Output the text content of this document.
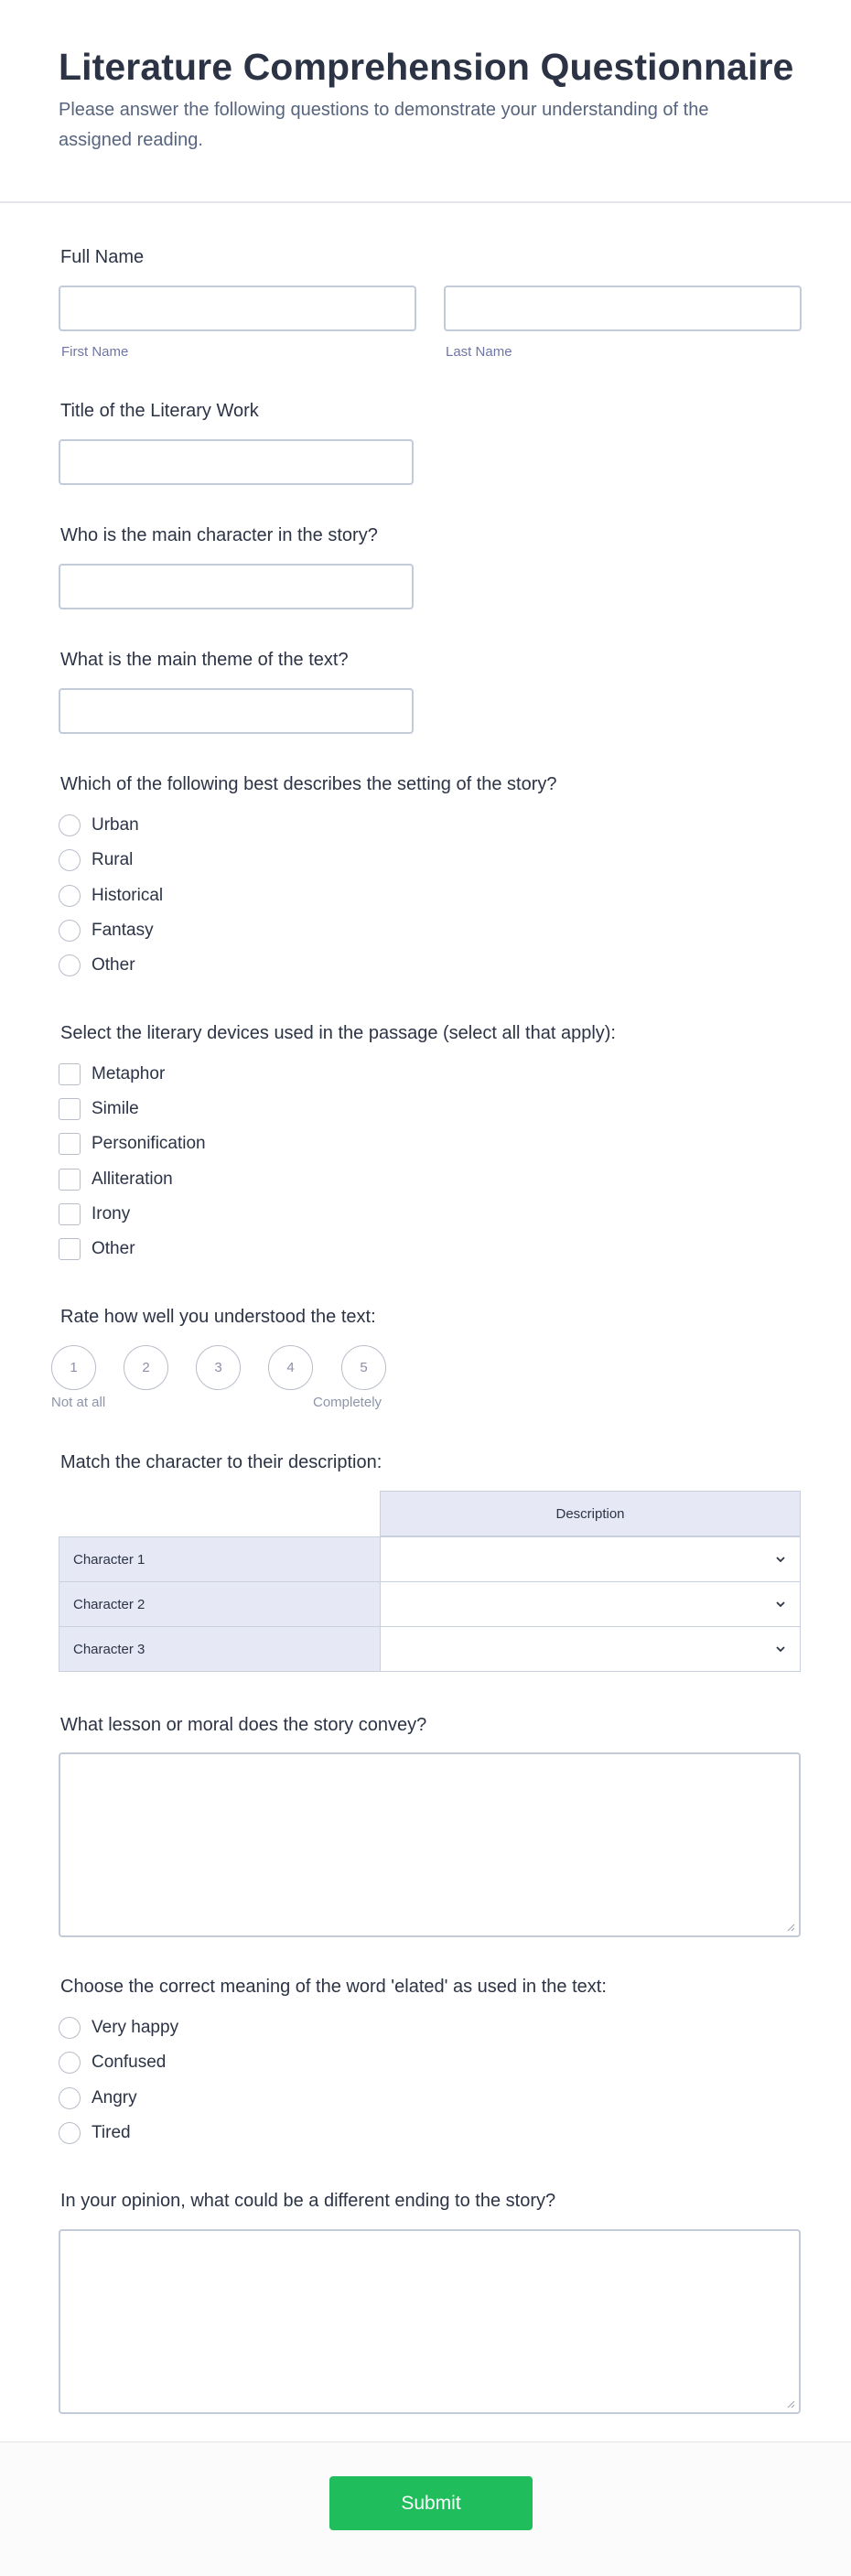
Literature Comprehension Questionnaire

Please answer the following questions to demonstrate your understanding of the assigned reading.

Full Name
First Name	Last Name
Title of the Literary Work
Who is the main character in the story?
What is the main theme of the text?
Which of the following best describes the setting of the story?
Urban
Rural
Historical
Fantasy
Other
Select the literary devices used in the passage (select all that apply):
Metaphor
Simile
Personification
Alliteration
Irony
Other
Rate how well you understood the text:
1	2	3	4	5
Not at all	Completely
Match the character to their description:
Description
Character 1
Character 2
Character 3
What lesson or moral does the story convey?
Choose the correct meaning of the word 'elated' as used in the text:
Very happy
Confused
Angry
Tired
In your opinion, what could be a different ending to the story?
Submit
